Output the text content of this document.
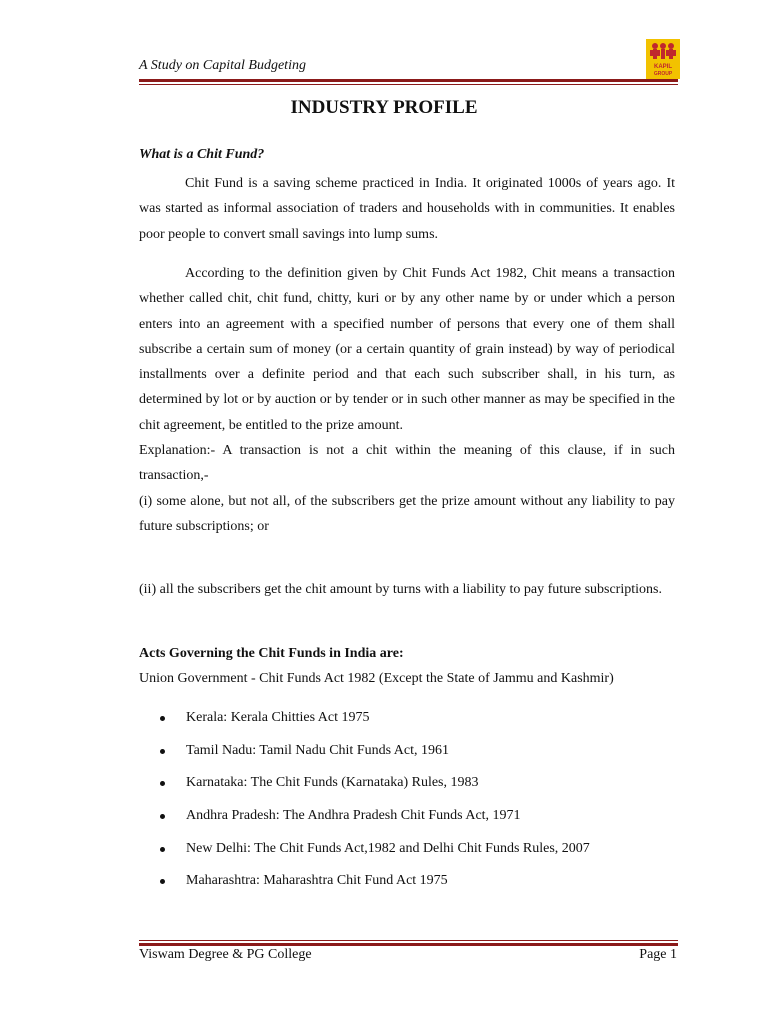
A Study on Capital Budgeting	KAPIL
GROUP
INDUSTRY PROFILE
What is a Chit Fund?

Chit Fund is a saving scheme practiced in India. It originated 1000s of years ago. It was started as informal association of traders and households with in communities. It enables poor people to convert small savings into lump sums.

According to the definition given by Chit Funds Act 1982, Chit means a transaction whether called chit, chit fund, chitty, kuri or by any other name by or under which a person enters into an agreement with a specified number of persons that every one of them shall subscribe a certain sum of money (or a certain quantity of grain instead) by way of periodical installments over a definite period and that each such subscriber shall, in his turn, as determined by lot or by auction or by tender or in such other manner as may be specified in the chit agreement, be entitled to the prize amount.

Explanation:- A transaction is not a chit within the meaning of this clause, if in such transaction,-

(i) some alone, but not all, of the subscribers get the prize amount without any liability to pay future subscriptions; or

(ii) all the subscribers get the chit amount by turns with a liability to pay future subscriptions.

Acts Governing the Chit Funds in India are:
Union Government - Chit Funds Act 1982 (Except the State of Jammu and Kashmir)
Kerala: Kerala Chitties Act 1975
Tamil Nadu: Tamil Nadu Chit Funds Act, 1961
Karnataka: The Chit Funds (Karnataka) Rules, 1983
Andhra Pradesh: The Andhra Pradesh Chit Funds Act, 1971
New Delhi: The Chit Funds Act,1982 and Delhi Chit Funds Rules, 2007
Maharashtra: Maharashtra Chit Fund Act 1975
Viswam Degree & PG College	Page 1
